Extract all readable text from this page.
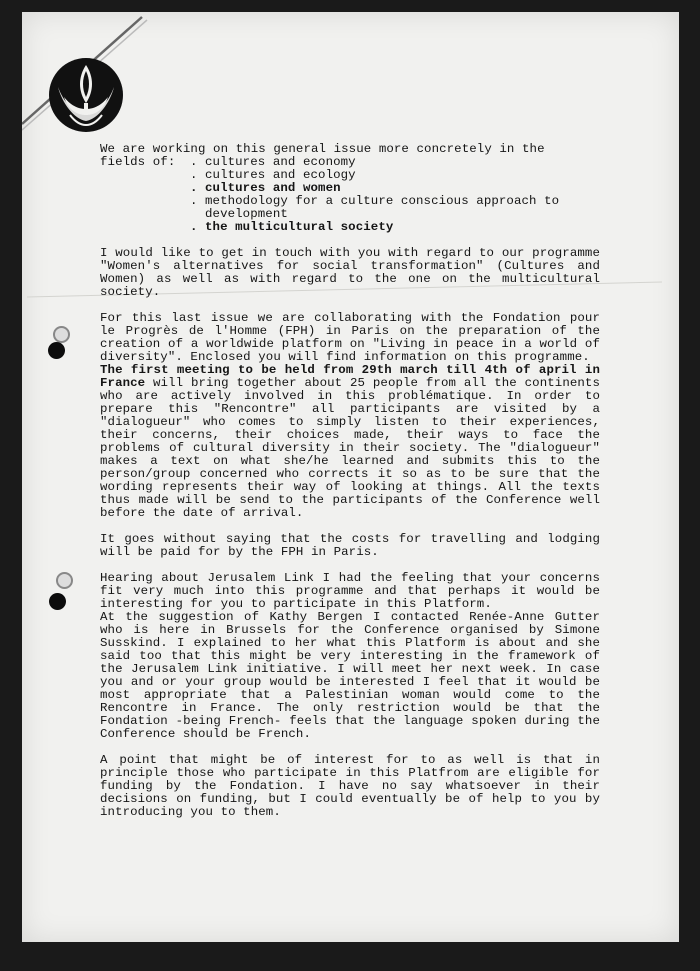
We are working on this general issue more concretely in the

fields of: . cultures and economy
. cultures and ecology
. cultures and women
. methodology for a culture conscious approach to development
. the multicultural society

I would like to get in touch with you with regard to our programme "Women's alternatives for social transformation" (Cultures and Women) as well as with regard to the one on the multicultural society.

For this last issue we are collaborating with the Fondation pour le Progrès de l'Homme (FPH) in Paris on the preparation of the creation of a worldwide platform on "Living in peace in a world of diversity". Enclosed you will find information on this programme.

The first meeting to be held from 29th march till 4th of april in France will bring together about 25 people from all the continents who are actively involved in this problématique. In order to prepare this "Rencontre" all participants are visited by a "dialogueur" who comes to simply listen to their experiences, their concerns, their choices made, their ways to face the problems of cultural diversity in their society. The "dialogueur" makes a text on what she/he learned and submits this to the person/group concerned who corrects it so as to be sure that the wording represents their way of looking at things. All the texts thus made will be send to the participants of the Conference well before the date of arrival.

It goes without saying that the costs for travelling and lodging will be paid for by the FPH in Paris.

Hearing about Jerusalem Link I had the feeling that your concerns fit very much into this programme and that perhaps it would be interesting for you to participate in this Platform.

At the suggestion of Kathy Bergen I contacted Renée-Anne Gutter who is here in Brussels for the Conference organised by Simone Susskind. I explained to her what this Platform is about and she said too that this might be very interesting in the framework of the Jerusalem Link initiative. I will meet her next week. In case you and or your group would be interested I feel that it would be most appropriate that a Palestinian woman would come to the Rencontre in France. The only restriction would be that the Fondation -being French- feels that the language spoken during the Conference should be French.

A point that might be of interest for to as well is that in principle those who participate in this Platfrom are eligible for funding by the Fondation. I have no say whatsoever in their decisions on funding, but I could eventually be of help to you by introducing you to them.
